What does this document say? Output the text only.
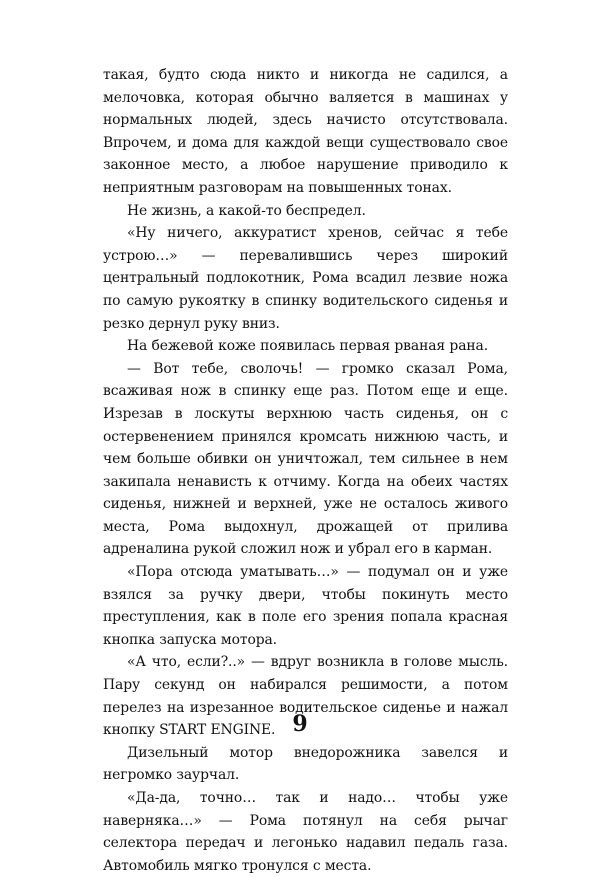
такая, будто сюда никто и никогда не садился, а мелочовка, которая обычно валяется в машинах у нормальных людей, здесь начисто отсутствовала. Впрочем, и дома для каждой вещи существовало свое законное место, а любое нарушение приводило к неприятным разговорам на повышенных тонах.

Не жизнь, а какой-то беспредел.

«Ну ничего, аккуратист хренов, сейчас я тебе устрою…» — перевалившись через широкий центральный подлокотник, Рома всадил лезвие ножа по самую рукоятку в спинку водительского сиденья и резко дернул руку вниз.

На бежевой коже появилась первая рваная рана.

— Вот тебе, сволочь! — громко сказал Рома, всаживая нож в спинку еще раз. Потом еще и еще. Изрезав в лоскуты верхнюю часть сиденья, он с остервенением принялся кромсать нижнюю часть, и чем больше обивки он уничтожал, тем сильнее в нем закипала ненависть к отчиму. Когда на обеих частях сиденья, нижней и верхней, уже не осталось живого места, Рома выдохнул, дрожащей от прилива адреналина рукой сложил нож и убрал его в карман.

«Пора отсюда уматывать…» — подумал он и уже взялся за ручку двери, чтобы покинуть место преступления, как в поле его зрения попала красная кнопка запуска мотора.

«А что, если?..» — вдруг возникла в голове мысль. Пару секунд он набирался решимости, а потом перелез на изрезанное водительское сиденье и нажал кнопку START ENGINE.

Дизельный мотор внедорожника завелся и негромко заурчал.

«Да-да, точно… так и надо… чтобы уже наверняка…» — Рома потянул на себя рычаг селектора передач и легонько надавил педаль газа. Автомобиль мягко тронулся с места.

9
